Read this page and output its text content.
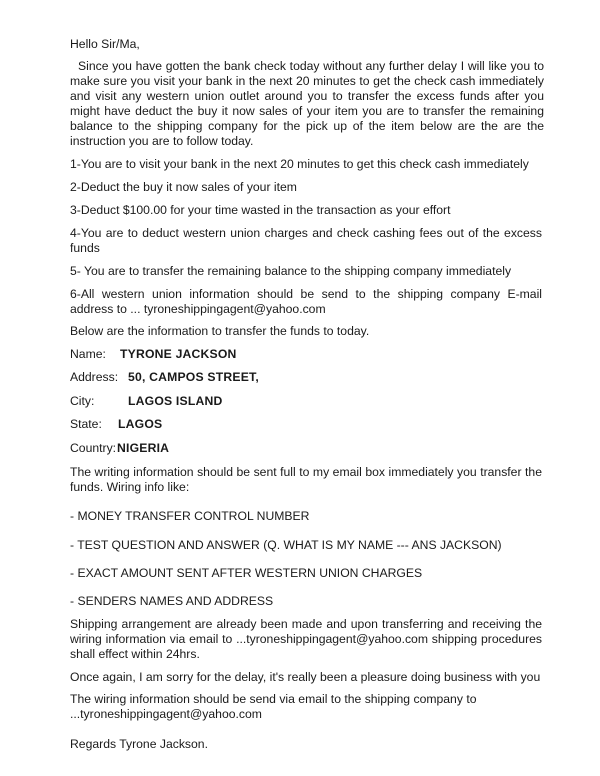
Hello Sir/Ma,

Since you have gotten the bank check today without any further delay I will like you to make sure you visit your bank in the next 20 minutes to get the check cash immediately and visit any western union outlet around you to transfer the excess funds after you might have deduct the buy it now sales of your item you are to transfer the remaining balance to the shipping company for the pick up of the item below are the are the instruction you are to follow today.

1-You are to visit your bank in the next 20 minutes to get this check cash immediately

2-Deduct the buy it now sales of your item

3-Deduct $100.00 for your time wasted in the transaction as your effort

4-You are to deduct western union charges and check cashing fees out of the excess funds

5- You are to transfer the remaining balance to the shipping company immediately

6-All western union information should be send to the shipping company E-mail address to ... tyroneshippingagent@yahoo.com

Below are the information to transfer the funds to today.

Name: TYRONE JACKSON
Address: 50, CAMPOS STREET,
City:	LAGOS ISLAND
State: LAGOS
Country: NIGERIA

The writing information should be sent full to my email box immediately you transfer the funds. Wiring info like:

- MONEY TRANSFER CONTROL NUMBER

- TEST QUESTION AND ANSWER (Q. WHAT IS MY NAME --- ANS JACKSON)

- EXACT AMOUNT SENT AFTER WESTERN UNION CHARGES

- SENDERS NAMES AND ADDRESS

Shipping arrangement are already been made and upon transferring and receiving the wiring information via email to ...tyroneshippingagent@yahoo.com shipping procedures shall effect within 24hrs.

Once again, I am sorry for the delay, it's really been a pleasure doing business with you

The wiring information should be send via email to the shipping company to

...tyroneshippingagent@yahoo.com

Regards Tyrone Jackson.
